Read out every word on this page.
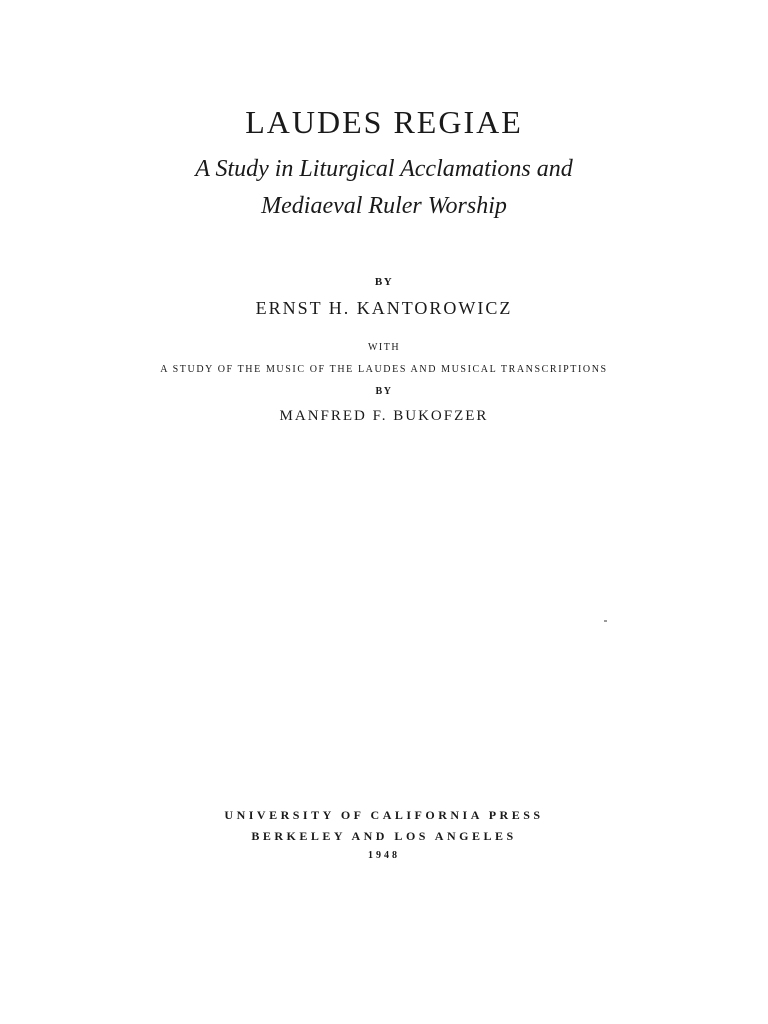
LAUDES REGIAE
A Study in Liturgical Acclamations and
Mediaeval Ruler Worship
BY
ERNST H. KANTOROWICZ
WITH
A STUDY OF THE MUSIC OF THE LAUDES AND MUSICAL TRANSCRIPTIONS
BY
MANFRED F. BUKOFZER
UNIVERSITY OF CALIFORNIA PRESS
BERKELEY AND LOS ANGELES
1948
